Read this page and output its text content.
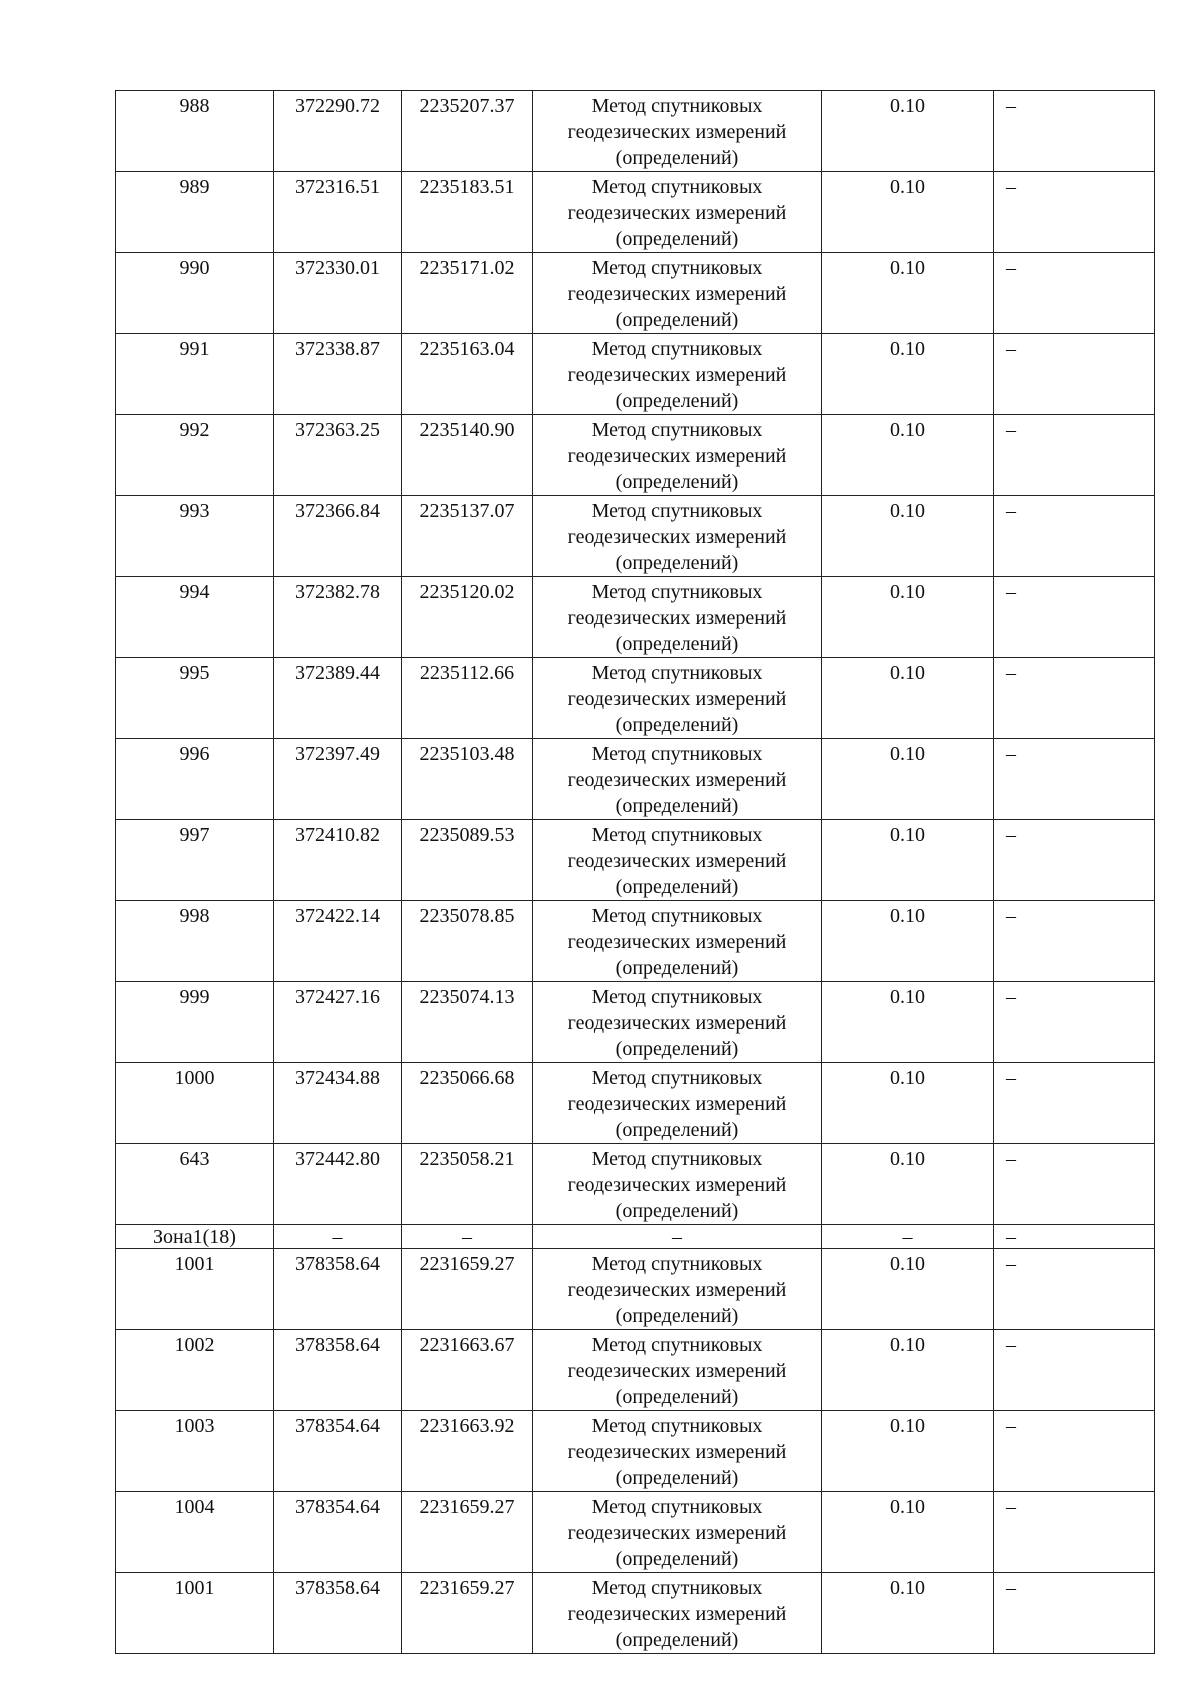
988	372290.72	2235207.37	Метод спутниковых геодезических измерений (определений)	0.10	–
989	372316.51	2235183.51	Метод спутниковых геодезических измерений (определений)	0.10	–
990	372330.01	2235171.02	Метод спутниковых геодезических измерений (определений)	0.10	–
991	372338.87	2235163.04	Метод спутниковых геодезических измерений (определений)	0.10	–
992	372363.25	2235140.90	Метод спутниковых геодезических измерений (определений)	0.10	–
993	372366.84	2235137.07	Метод спутниковых геодезических измерений (определений)	0.10	–
994	372382.78	2235120.02	Метод спутниковых геодезических измерений (определений)	0.10	–
995	372389.44	2235112.66	Метод спутниковых геодезических измерений (определений)	0.10	–
996	372397.49	2235103.48	Метод спутниковых геодезических измерений (определений)	0.10	–
997	372410.82	2235089.53	Метод спутниковых геодезических измерений (определений)	0.10	–
998	372422.14	2235078.85	Метод спутниковых геодезических измерений (определений)	0.10	–
999	372427.16	2235074.13	Метод спутниковых геодезических измерений (определений)	0.10	–
1000	372434.88	2235066.68	Метод спутниковых геодезических измерений (определений)	0.10	–
643	372442.80	2235058.21	Метод спутниковых геодезических измерений (определений)	0.10	–
Зона1(18)	–	–	–	–	–
1001	378358.64	2231659.27	Метод спутниковых геодезических измерений (определений)	0.10	–
1002	378358.64	2231663.67	Метод спутниковых геодезических измерений (определений)	0.10	–
1003	378354.64	2231663.92	Метод спутниковых геодезических измерений (определений)	0.10	–
1004	378354.64	2231659.27	Метод спутниковых геодезических измерений (определений)	0.10	–
1001	378358.64	2231659.27	Метод спутниковых геодезических измерений (определений)	0.10	–
